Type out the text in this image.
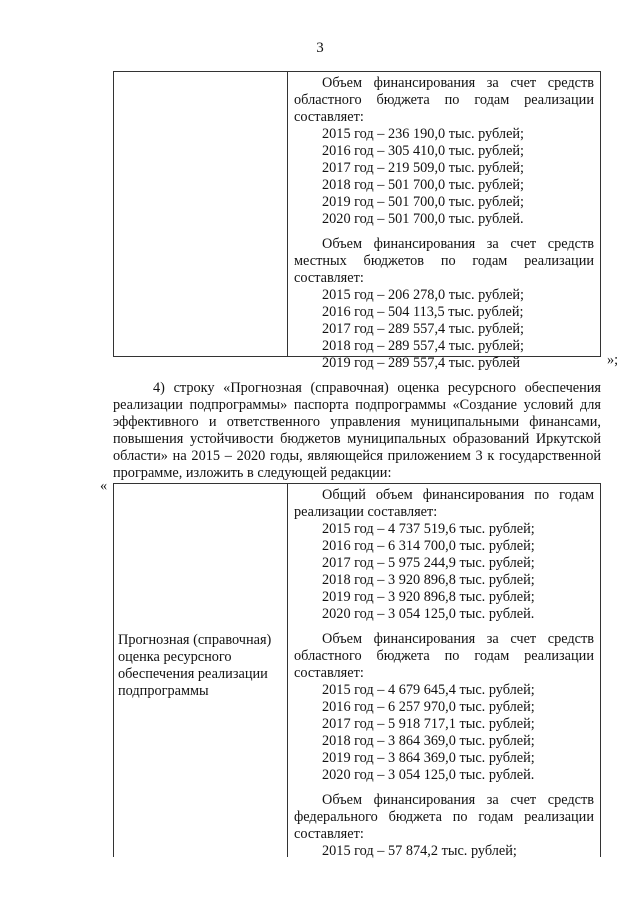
3
Объем финансирования за счет средств областного бюджета по годам реализации составляет:
2015 год – 236 190,0 тыс. рублей;
2016 год – 305 410,0 тыс. рублей;
2017 год – 219 509,0 тыс. рублей;
2018 год – 501 700,0 тыс. рублей;
2019 год – 501 700,0 тыс. рублей;
2020 год – 501 700,0 тыс. рублей.
Объем финансирования за счет средств местных бюджетов по годам реализации составляет:
2015 год – 206 278,0 тыс. рублей;
2016 год – 504 113,5 тыс. рублей;
2017 год – 289 557,4 тыс. рублей;
2018 год – 289 557,4 тыс. рублей;
2019 год – 289 557,4 тыс. рублей	»;
4) строку «Прогнозная (справочная) оценка ресурсного обеспечения реализации подпрограммы» паспорта подпрограммы «Создание условий для эффективного и ответственного управления муниципальными финансами, повышения устойчивости бюджетов муниципальных образований Иркутской области» на 2015 – 2020 годы, являющейся приложением 3 к государственной программе, изложить в следующей редакции:
«
Прогнозная (справочная) оценка ресурсного обеспечения реализации подпрограммы
Общий объем финансирования по годам реализации составляет:
2015 год – 4 737 519,6 тыс. рублей;
2016 год – 6 314 700,0 тыс. рублей;
2017 год – 5 975 244,9 тыс. рублей;
2018 год – 3 920 896,8 тыс. рублей;
2019 год – 3 920 896,8 тыс. рублей;
2020 год – 3 054 125,0 тыс. рублей.
Объем финансирования за счет средств областного бюджета по годам реализации составляет:
2015 год – 4 679 645,4 тыс. рублей;
2016 год – 6 257 970,0 тыс. рублей;
2017 год – 5 918 717,1 тыс. рублей;
2018 год – 3 864 369,0 тыс. рублей;
2019 год – 3 864 369,0 тыс. рублей;
2020 год – 3 054 125,0 тыс. рублей.
Объем финансирования за счет средств федерального бюджета по годам реализации составляет:
2015 год – 57 874,2 тыс. рублей;
